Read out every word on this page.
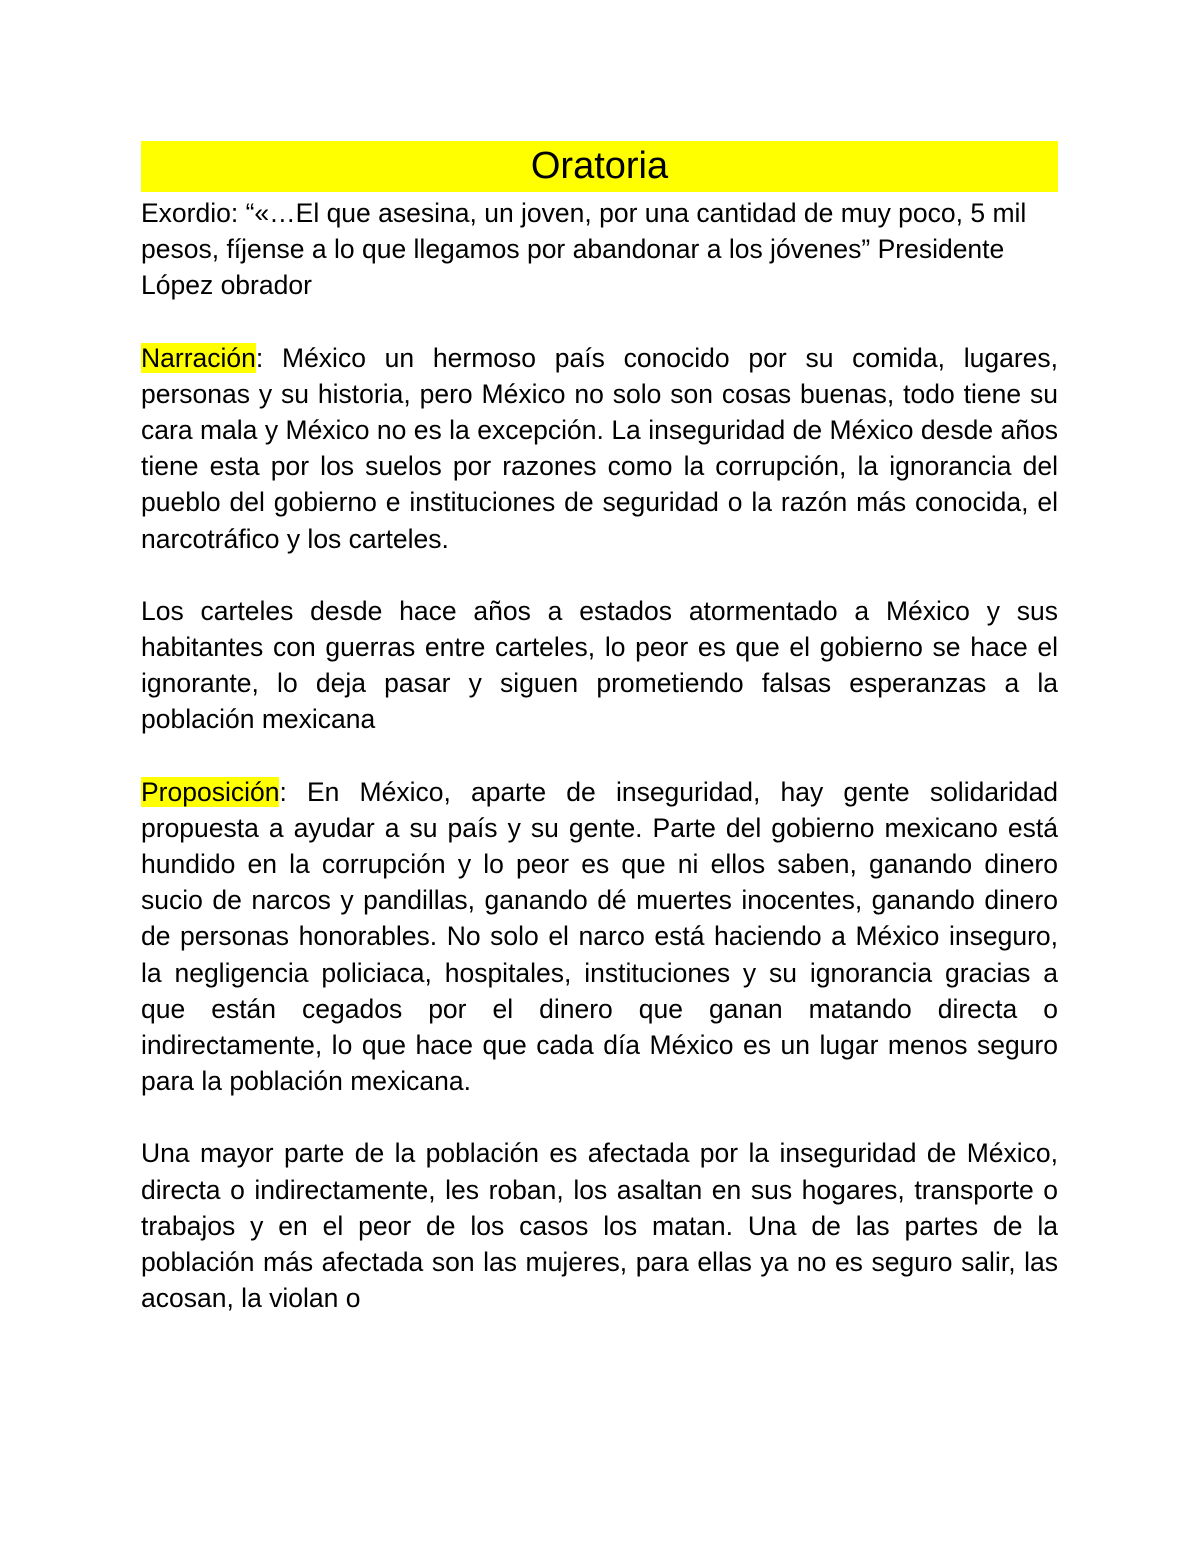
Oratoria
Exordio: “«…El que asesina, un joven, por una cantidad de muy poco, 5 mil pesos, fíjense a lo que llegamos por abandonar a los jóvenes” Presidente López obrador
Narración: México un hermoso país conocido por su comida, lugares, personas y su historia, pero México no solo son cosas buenas, todo tiene su cara mala y México no es la excepción. La inseguridad de México desde años tiene esta por los suelos por razones como la corrupción, la ignorancia del pueblo del gobierno e instituciones de seguridad o la razón más conocida, el narcotráfico y los carteles.
Los carteles desde hace años a estados atormentado a México y sus habitantes con guerras entre carteles, lo peor es que el gobierno se hace el ignorante, lo deja pasar y siguen prometiendo falsas esperanzas a la población mexicana
Proposición: En México, aparte de inseguridad, hay gente solidaridad propuesta a ayudar a su país y su gente. Parte del gobierno mexicano está hundido en la corrupción y lo peor es que ni ellos saben, ganando dinero sucio de narcos y pandillas, ganando dé muertes inocentes, ganando dinero de personas honorables. No solo el narco está haciendo a México inseguro, la negligencia policiaca, hospitales, instituciones y su ignorancia gracias a que están cegados por el dinero que ganan matando directa o indirectamente, lo que hace que cada día México es un lugar menos seguro para la población mexicana.
Una mayor parte de la población es afectada por la inseguridad de México, directa o indirectamente, les roban, los asaltan en sus hogares, transporte o trabajos y en el peor de los casos los matan. Una de las partes de la población más afectada son las mujeres, para ellas ya no es seguro salir, las acosan, la violan o
